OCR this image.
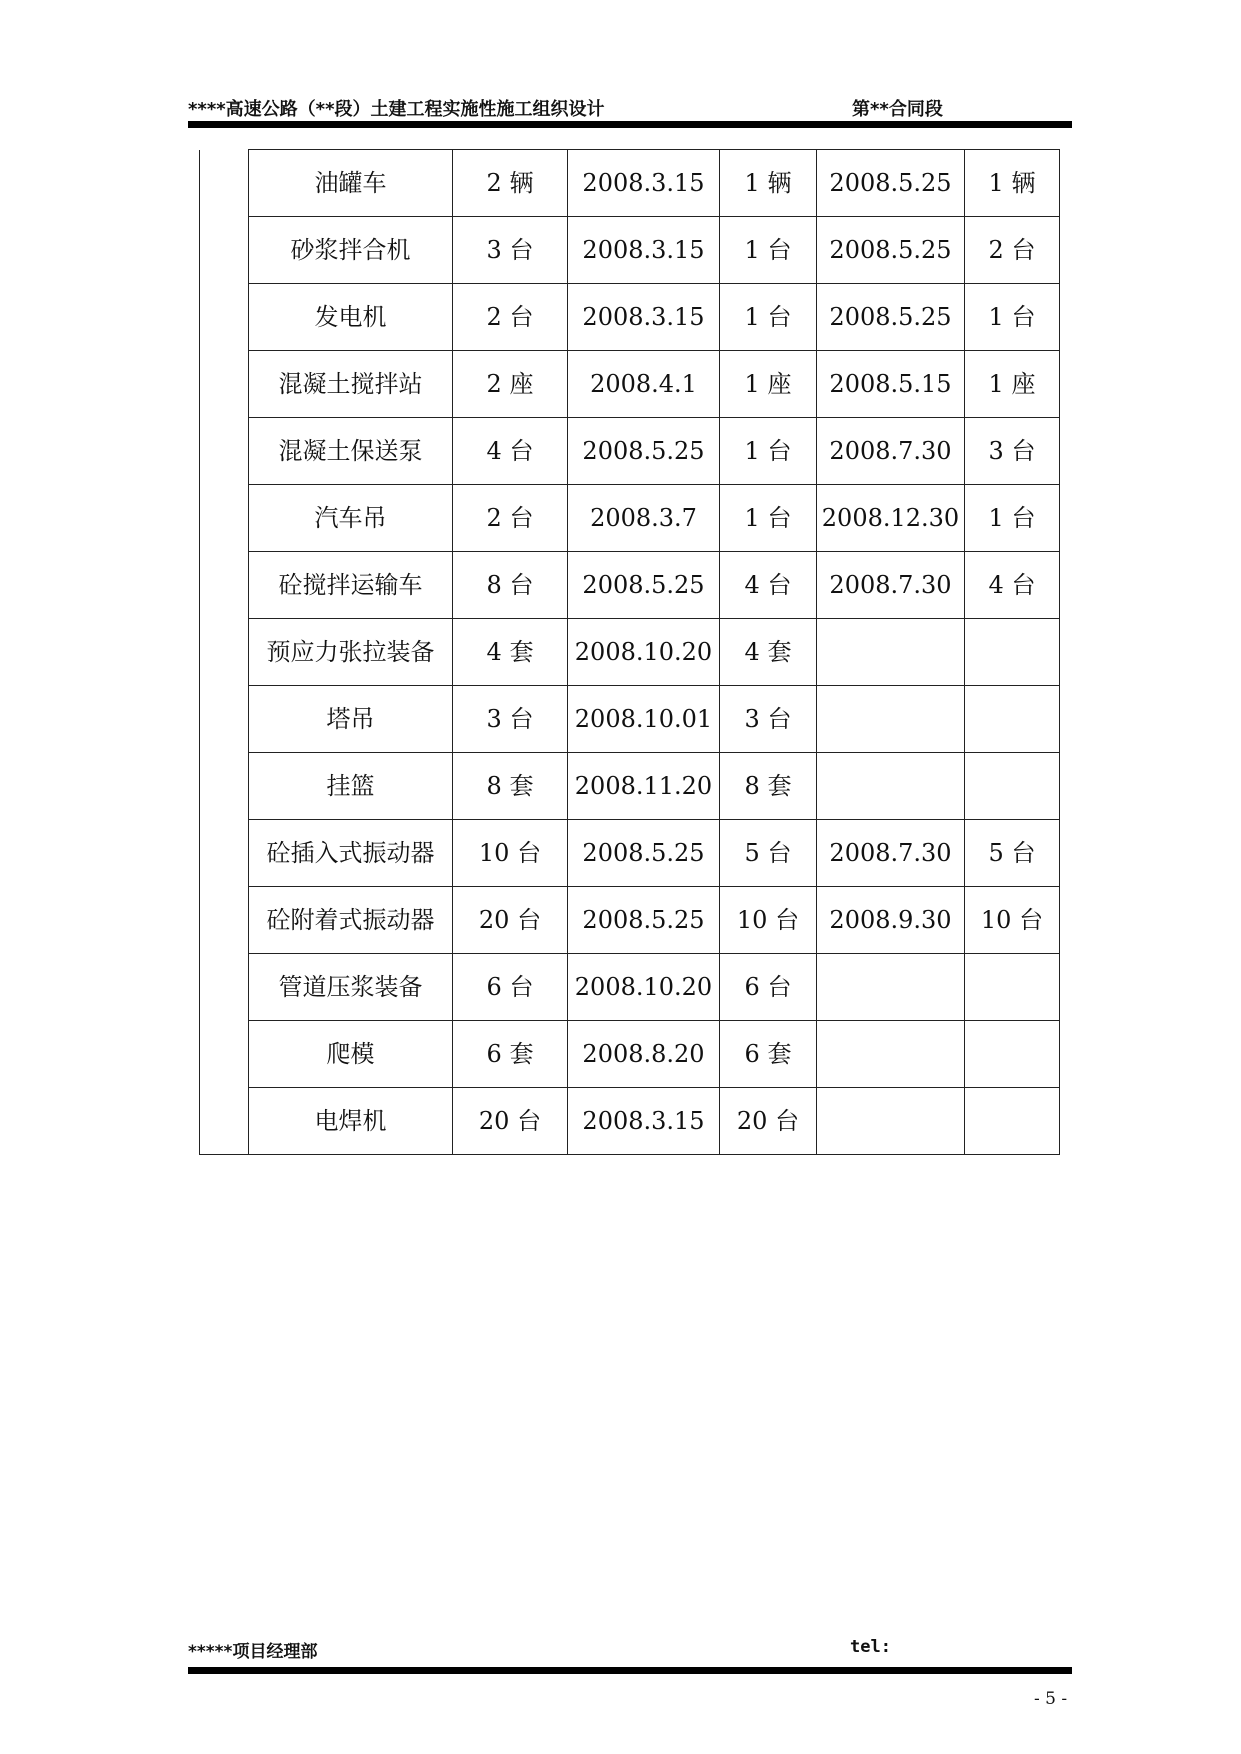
****高速公路（**段）土建工程实施性施工组织设计	第**合同段
	油罐车	2 辆	2008.3.15	1 辆	2008.5.25	1 辆
	砂浆拌合机	3 台	2008.3.15	1 台	2008.5.25	2 台
	发电机	2 台	2008.3.15	1 台	2008.5.25	1 台
	混凝土搅拌站	2 座	2008.4.1	1 座	2008.5.15	1 座
	混凝土保送泵	4 台	2008.5.25	1 台	2008.7.30	3 台
	汽车吊	2 台	2008.3.7	1 台	2008.12.30	1 台
	砼搅拌运输车	8 台	2008.5.25	4 台	2008.7.30	4 台
	预应力张拉装备	4 套	2008.10.20	4 套		
	塔吊	3 台	2008.10.01	3 台		
	挂篮	8 套	2008.11.20	8 套		
	砼插入式振动器	10 台	2008.5.25	5 台	2008.7.30	5 台
	砼附着式振动器	20 台	2008.5.25	10 台	2008.9.30	10 台
	管道压浆装备	6 台	2008.10.20	6 台		
	爬模	6 套	2008.8.20	6 套		
	电焊机	20 台	2008.3.15	20 台		
*****项目经理部	tel:
- 5 -
